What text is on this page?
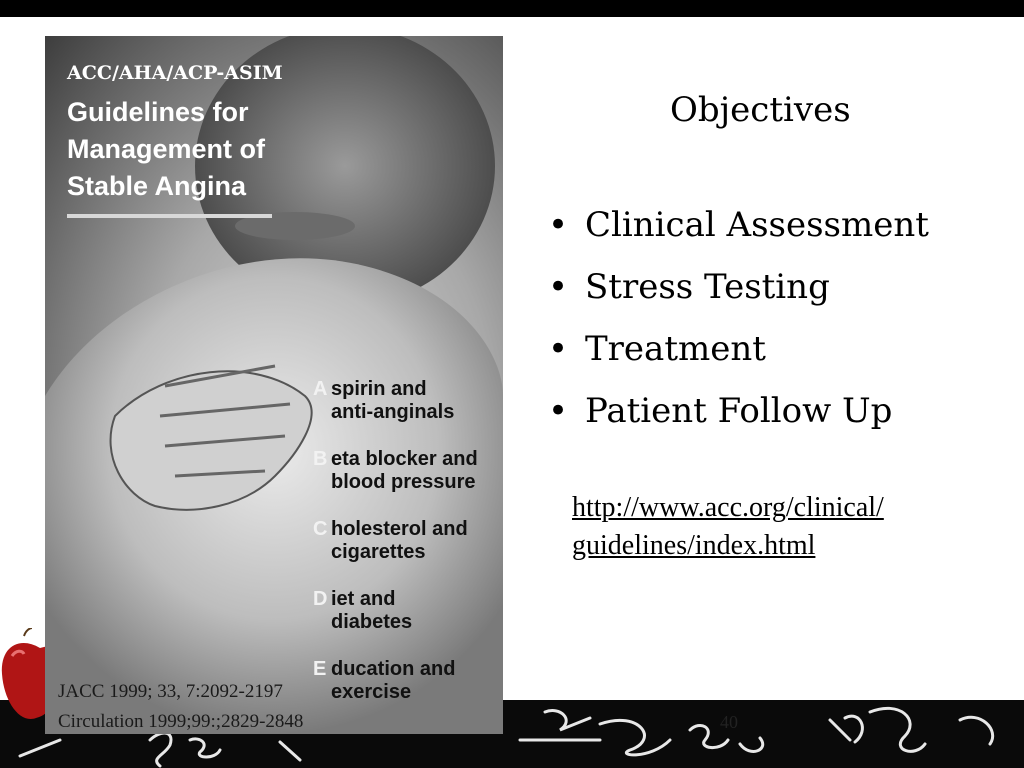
ACC/AHA/ACP-ASIM
Guidelines for Management of Stable Angina
A spirin and
anti-anginals
B eta blocker and
blood pressure
C holesterol and
cigarettes
D iet and
diabetes
E ducation and
exercise
JACC 1999; 33, 7:2092-2197
Circulation 1999;99:;2829-2848	40
Objectives
• Clinical Assessment
• Stress Testing
• Treatment
• Patient Follow Up
http://www.acc.org/clinical/
guidelines/index.html
